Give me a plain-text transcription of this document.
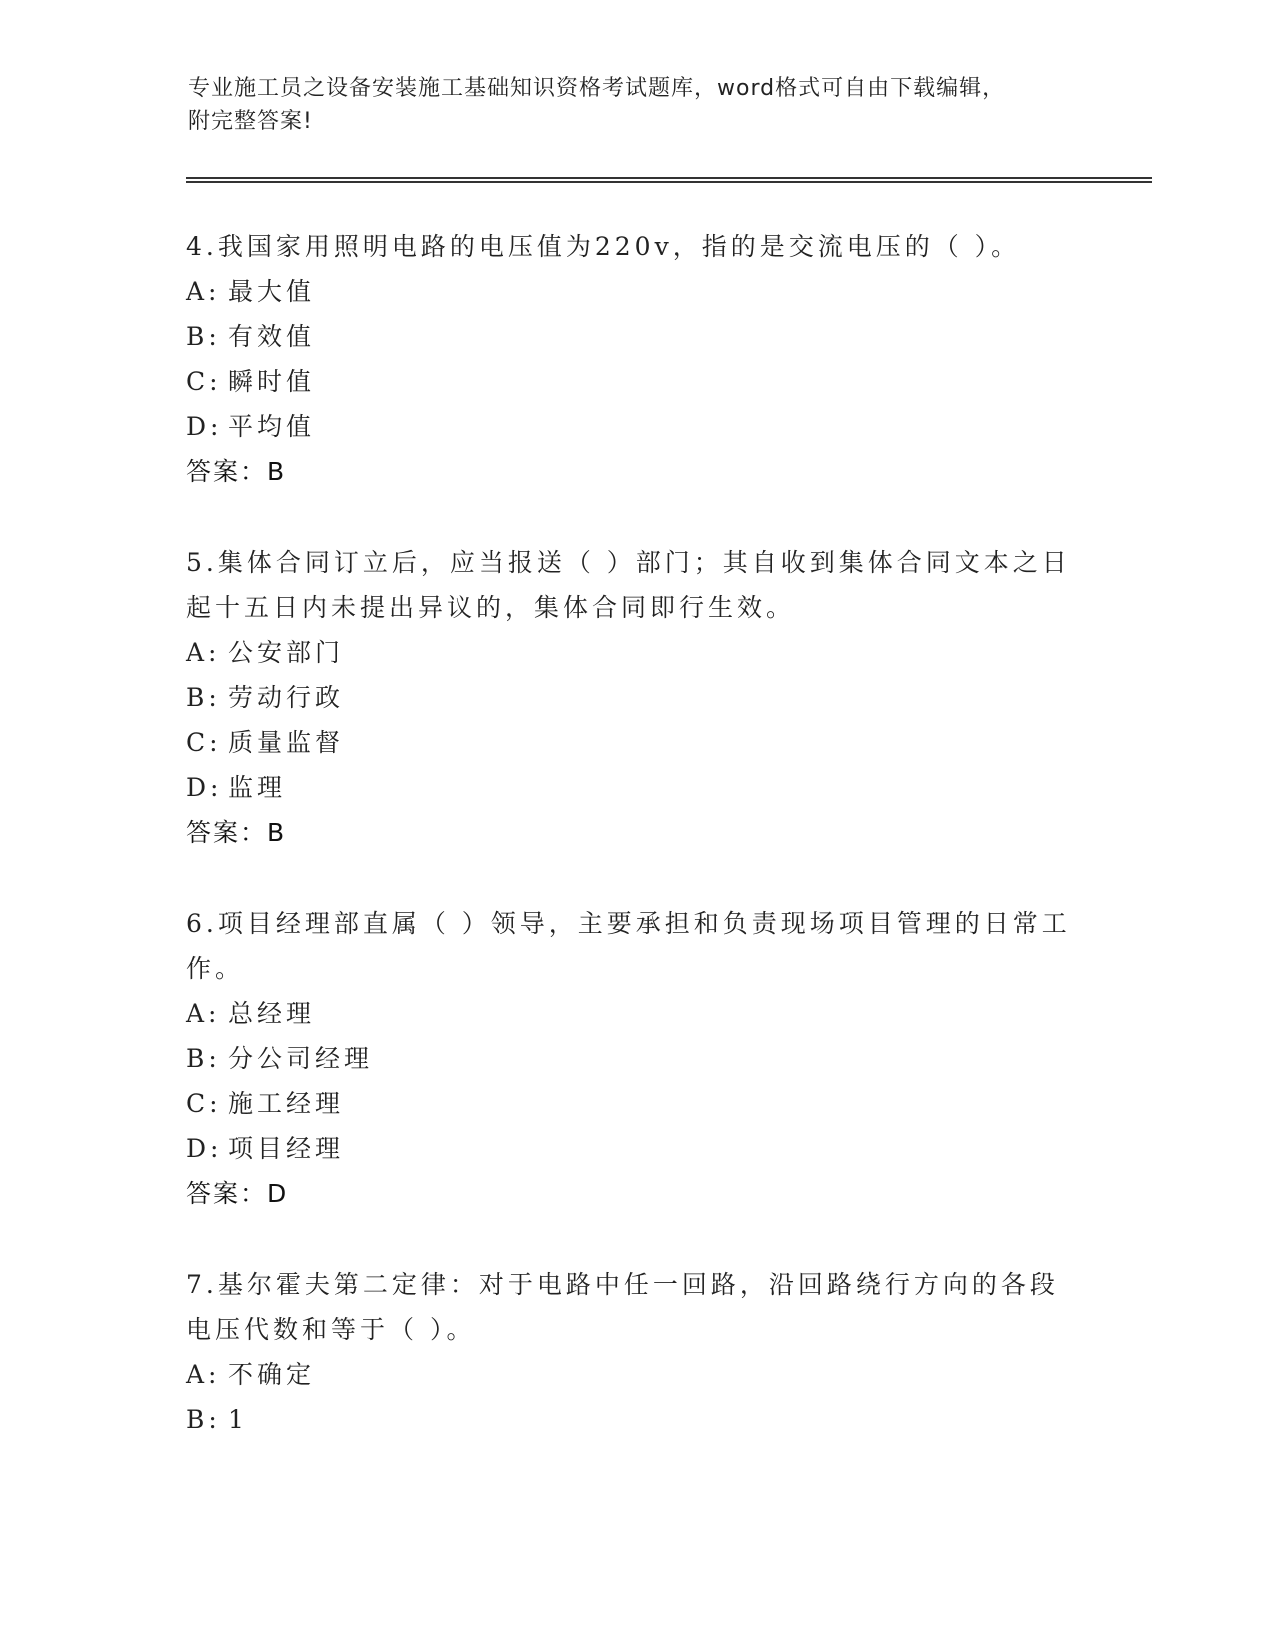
专业施工员之设备安装施工基础知识资格考试题库，word格式可自由下载编辑，
附完整答案!

4.我国家用照明电路的电压值为220v，指的是交流电压的（ ）。

A: 最大值
B: 有效值
C: 瞬时值
D: 平均值
答案：B

5.集体合同订立后，应当报送（ ）部门；其自收到集体合同文本之日起十五日内未提出异议的，集体合同即行生效。

A: 公安部门
B: 劳动行政
C: 质量监督
D: 监理
答案：B

6.项目经理部直属（ ）领导，主要承担和负责现场项目管理的日常工作。

A: 总经理
B: 分公司经理
C: 施工经理
D: 项目经理
答案：D

7.基尔霍夫第二定律：对于电路中任一回路，沿回路绕行方向的各段电压代数和等于（ ）。

A: 不确定
B: 1
